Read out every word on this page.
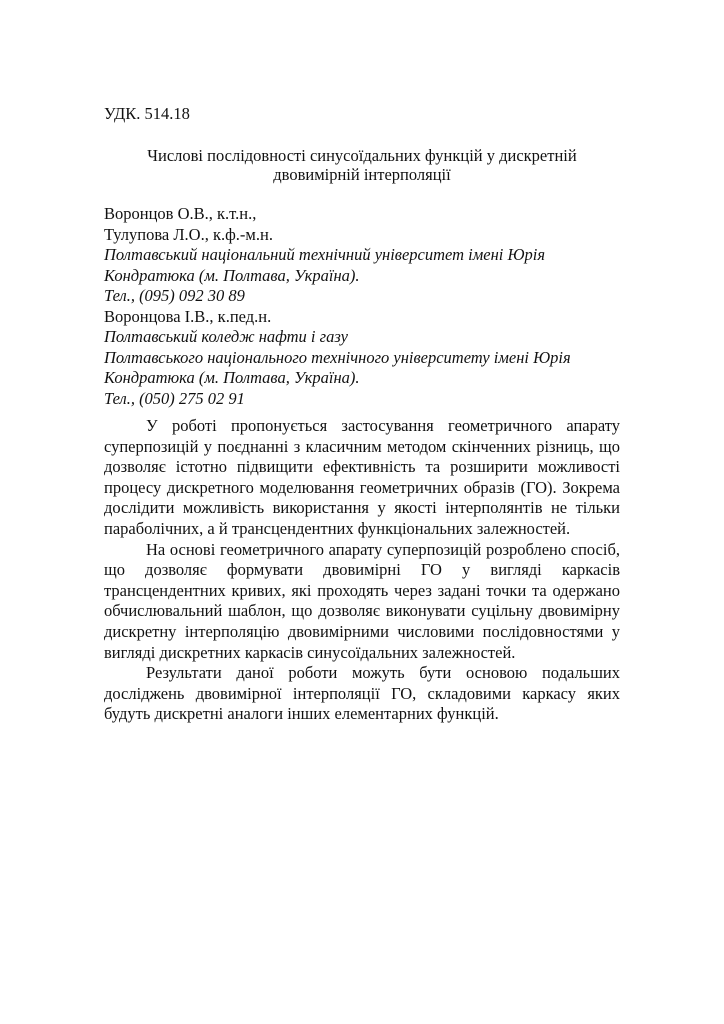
УДК. 514.18
Числові послідовності синусоїдальних функцій у дискретній
двовимірній інтерполяції
Воронцов О.В., к.т.н.,
Тулупова Л.О., к.ф.-м.н.
Полтавський національний технічний університет імені Юрія
Кондратюка (м. Полтава, Україна).
Тел., (095) 092 30 89
Воронцова І.В., к.пед.н.
Полтавський коледж нафти і газу
Полтавського національного технічного університету імені Юрія
Кондратюка (м. Полтава, Україна).
Тел., (050) 275 02 91

У роботі пропонується застосування геометричного апарату суперпозицій у поєднанні з класичним методом скінченних різниць, що дозволяє істотно підвищити ефективність та розширити можливості процесу дискретного моделювання геометричних образів (ГО). Зокрема дослідити можливість використання у якості інтерполянтів не тільки параболічних, а й трансцендентних функціональних залежностей.

На основі геометричного апарату суперпозицій розроблено спосіб, що дозволяє формувати двовимірні ГО у вигляді каркасів трансцендентних кривих, які проходять через задані точки та одержано обчислювальний шаблон, що дозволяє виконувати суцільну двовимірну дискретну інтерполяцію двовимірними числовими послідовностями у вигляді дискретних каркасів синусоїдальних залежностей.

Результати даної роботи можуть бути основою подальших досліджень двовимірної інтерполяції ГО, складовими каркасу яких будуть дискретні аналоги інших елементарних функцій.
